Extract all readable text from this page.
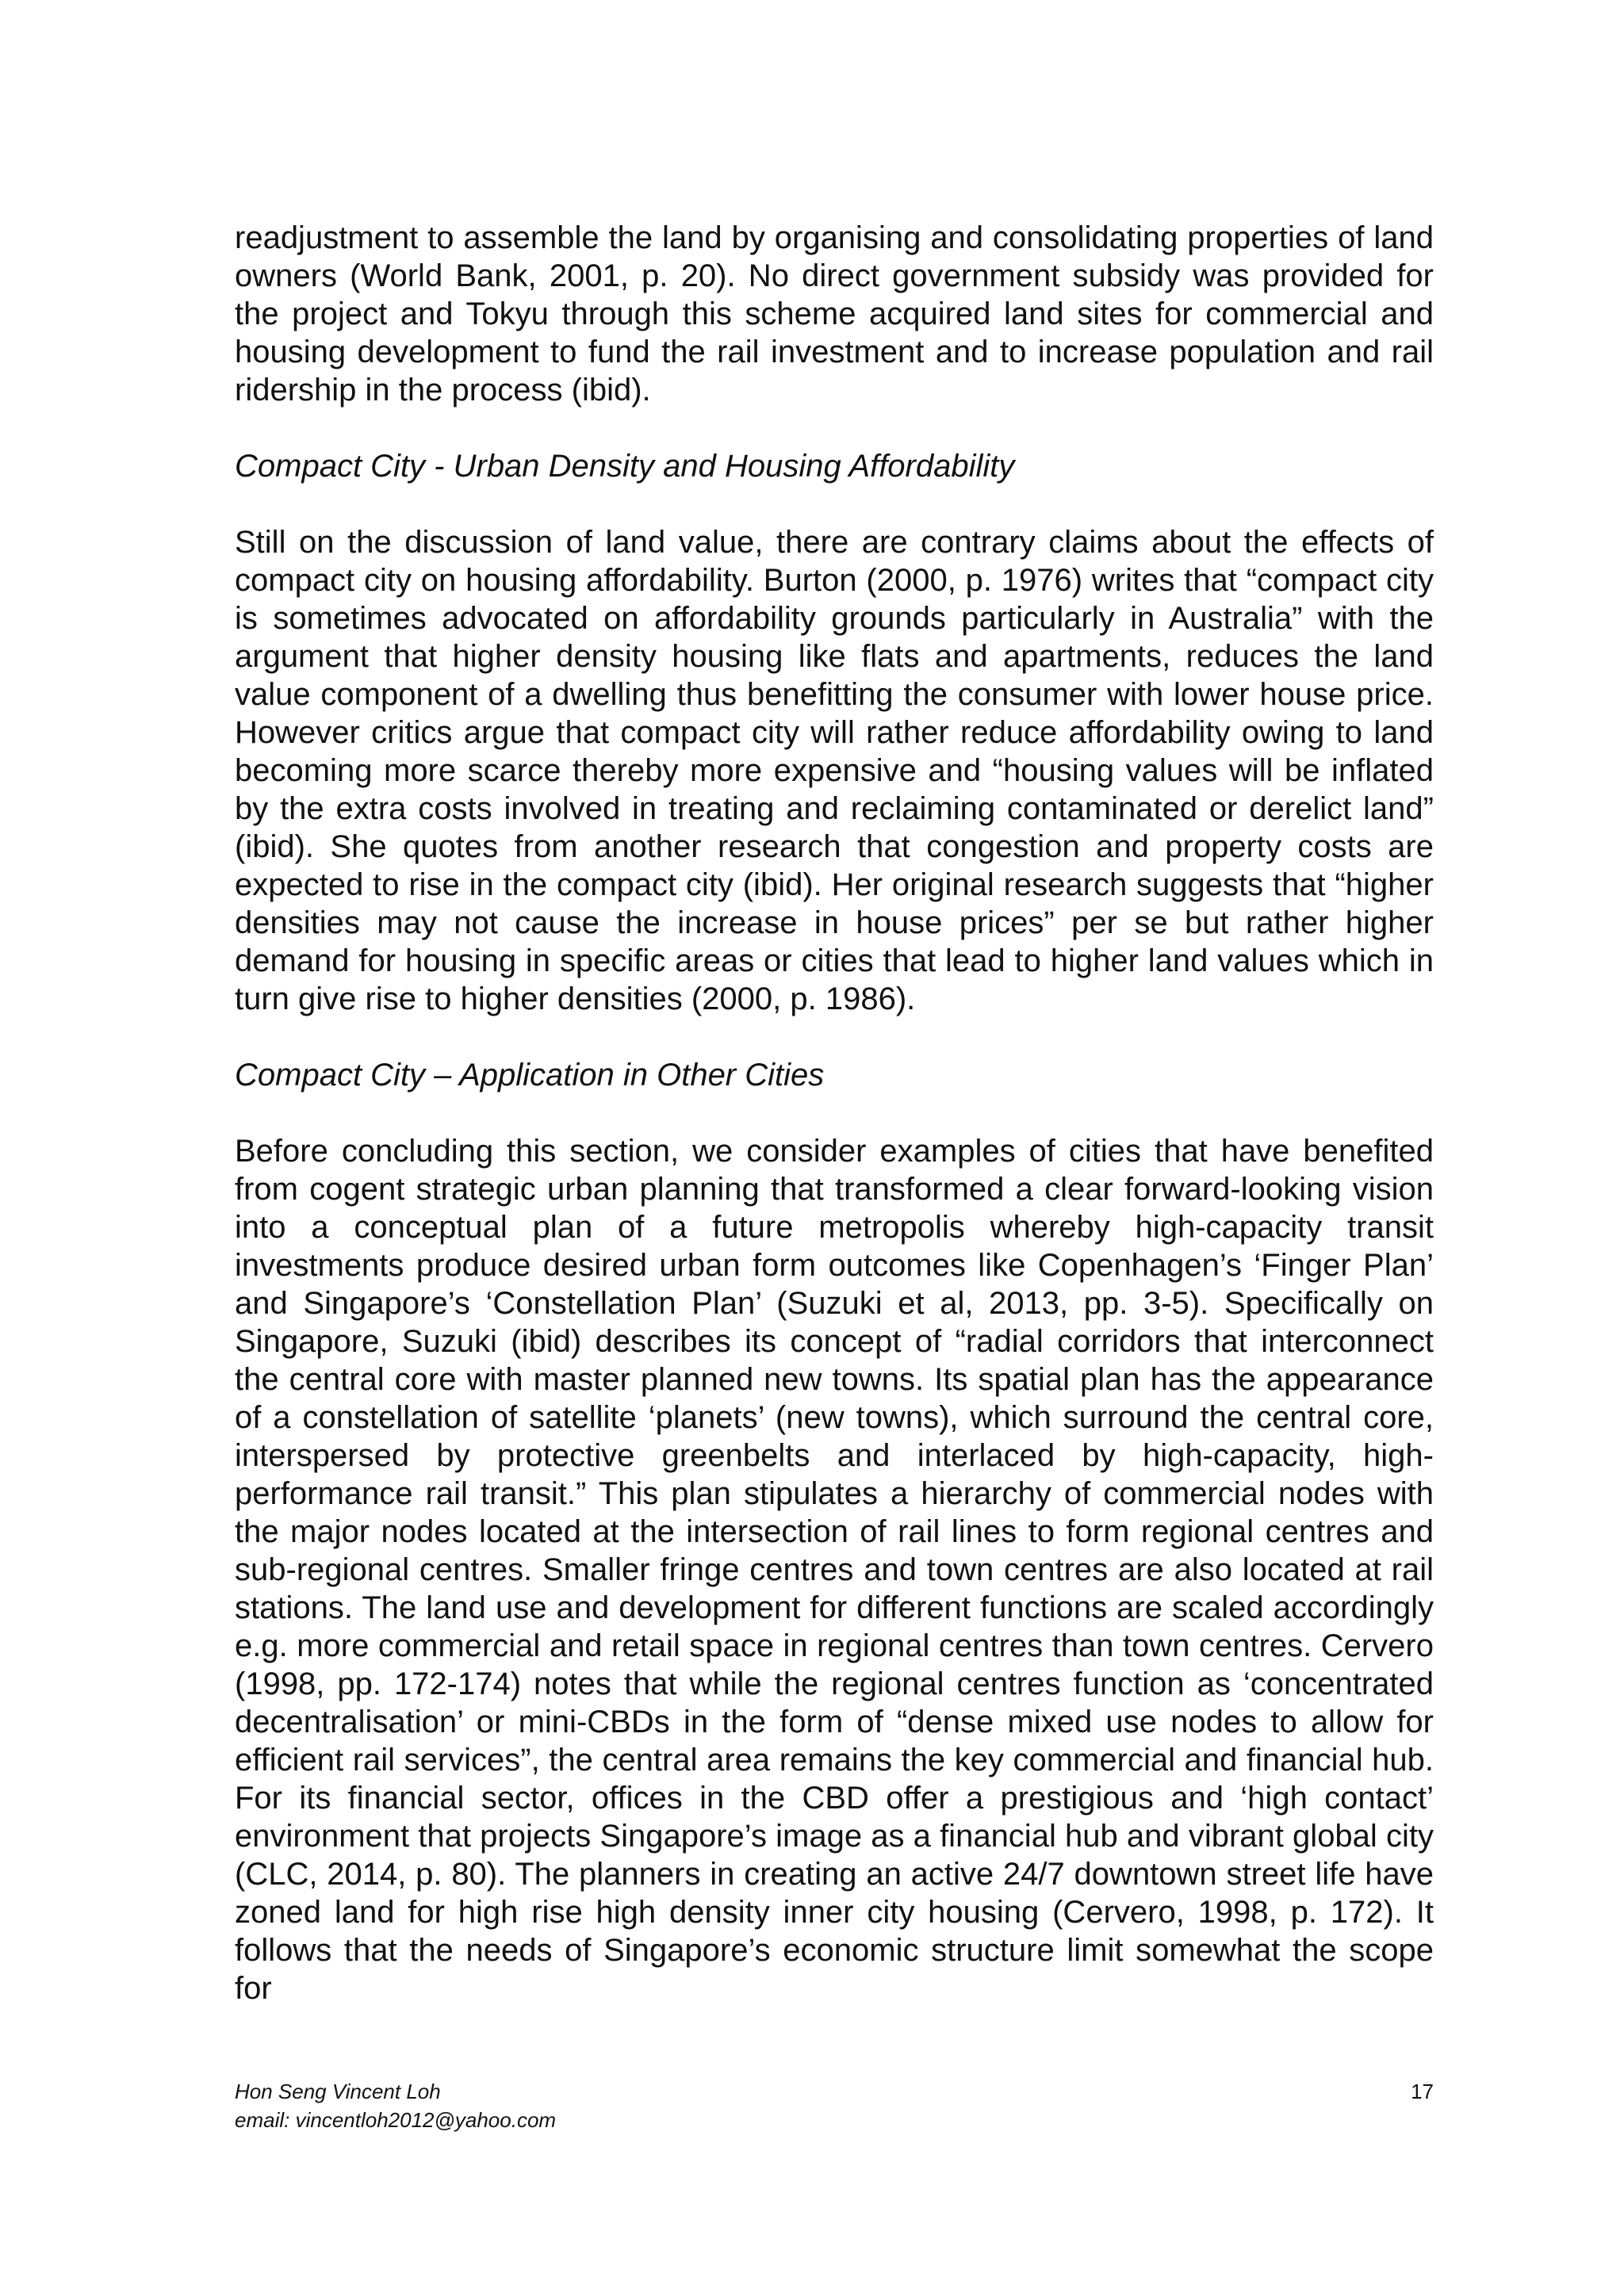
readjustment to assemble the land by organising and consolidating properties of land owners (World Bank, 2001, p. 20). No direct government subsidy was provided for the project and Tokyu through this scheme acquired land sites for commercial and housing development to fund the rail investment and to increase population and rail ridership in the process (ibid).

Compact City - Urban Density and Housing Affordability

Still on the discussion of land value, there are contrary claims about the effects of compact city on housing affordability. Burton (2000, p. 1976) writes that “compact city is sometimes advocated on affordability grounds particularly in Australia” with the argument that higher density housing like flats and apartments, reduces the land value component of a dwelling thus benefitting the consumer with lower house price. However critics argue that compact city will rather reduce affordability owing to land becoming more scarce thereby more expensive and “housing values will be inflated by the extra costs involved in treating and reclaiming contaminated or derelict land” (ibid). She quotes from another research that congestion and property costs are expected to rise in the compact city (ibid). Her original research suggests that “higher densities may not cause the increase in house prices” per se but rather higher demand for housing in specific areas or cities that lead to higher land values which in turn give rise to higher densities (2000, p. 1986).

Compact City – Application in Other Cities

Before concluding this section, we consider examples of cities that have benefited from cogent strategic urban planning that transformed a clear forward-looking vision into a conceptual plan of a future metropolis whereby high-capacity transit investments produce desired urban form outcomes like Copenhagen’s ‘Finger Plan’ and Singapore’s ‘Constellation Plan’ (Suzuki et al, 2013, pp. 3-5). Specifically on Singapore, Suzuki (ibid) describes its concept of “radial corridors that interconnect the central core with master planned new towns. Its spatial plan has the appearance of a constellation of satellite ‘planets’ (new towns), which surround the central core, interspersed by protective greenbelts and interlaced by high-capacity, high-performance rail transit.” This plan stipulates a hierarchy of commercial nodes with the major nodes located at the intersection of rail lines to form regional centres and sub-regional centres. Smaller fringe centres and town centres are also located at rail stations. The land use and development for different functions are scaled accordingly e.g. more commercial and retail space in regional centres than town centres. Cervero (1998, pp. 172-174) notes that while the regional centres function as ‘concentrated decentralisation’ or mini-CBDs in the form of “dense mixed use nodes to allow for efficient rail services”, the central area remains the key commercial and financial hub. For its financial sector, offices in the CBD offer a prestigious and ‘high contact’ environment that projects Singapore’s image as a financial hub and vibrant global city (CLC, 2014, p. 80). The planners in creating an active 24/7 downtown street life have zoned land for high rise high density inner city housing (Cervero, 1998, p. 172). It follows that the needs of Singapore’s economic structure limit somewhat the scope for

Hon Seng Vincent Loh
email: vincentloh2012@yahoo.com
17
